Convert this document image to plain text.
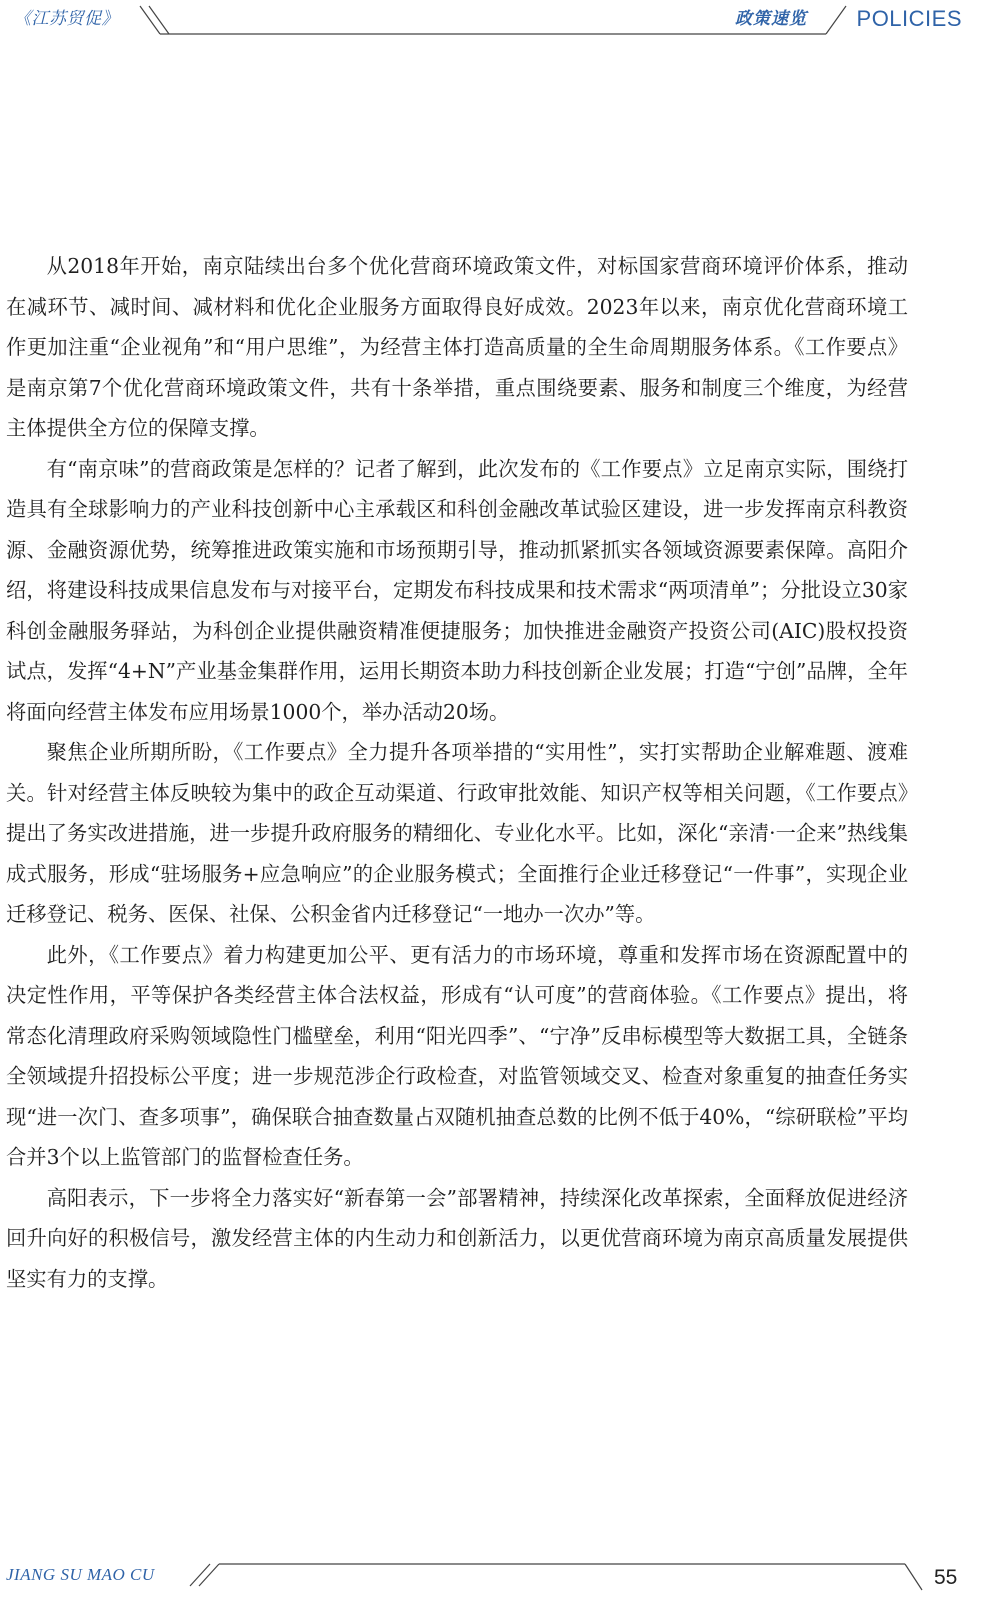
《江苏贸促》	政策速览 POLICIES

从2018年开始，南京陆续出台多个优化营商环境政策文件，对标国家营商环境评价体系，推动在减环节、减时间、减材料和优化企业服务方面取得良好成效。2023年以来，南京优化营商环境工作更加注重“企业视角”和“用户思维”，为经营主体打造高质量的全生命周期服务体系。《工作要点》是南京第7个优化营商环境政策文件，共有十条举措，重点围绕要素、服务和制度三个维度，为经营主体提供全方位的保障支撑。

有“南京味”的营商政策是怎样的？记者了解到，此次发布的《工作要点》立足南京实际，围绕打造具有全球影响力的产业科技创新中心主承载区和科创金融改革试验区建设，进一步发挥南京科教资源、金融资源优势，统筹推进政策实施和市场预期引导，推动抓紧抓实各领域资源要素保障。高阳介绍，将建设科技成果信息发布与对接平台，定期发布科技成果和技术需求“两项清单”；分批设立30家科创金融服务驿站，为科创企业提供融资精准便捷服务；加快推进金融资产投资公司(AIC)股权投资试点，发挥“4+N”产业基金集群作用，运用长期资本助力科技创新企业发展；打造“宁创”品牌，全年将面向经营主体发布应用场景1000个，举办活动20场。

聚焦企业所期所盼，《工作要点》全力提升各项举措的“实用性”，实打实帮助企业解难题、渡难关。针对经营主体反映较为集中的政企互动渠道、行政审批效能、知识产权等相关问题，《工作要点》提出了务实改进措施，进一步提升政府服务的精细化、专业化水平。比如，深化“亲清·一企来”热线集成式服务，形成“驻场服务+应急响应”的企业服务模式；全面推行企业迁移登记“一件事”，实现企业迁移登记、税务、医保、社保、公积金省内迁移登记“一地办一次办”等。

此外，《工作要点》着力构建更加公平、更有活力的市场环境，尊重和发挥市场在资源配置中的决定性作用，平等保护各类经营主体合法权益，形成有“认可度”的营商体验。《工作要点》提出，将常态化清理政府采购领域隐性门槛壁垒，利用“阳光四季”、“宁净”反串标模型等大数据工具，全链条全领域提升招投标公平度；进一步规范涉企行政检查，对监管领域交叉、检查对象重复的抽查任务实现“进一次门、查多项事”，确保联合抽查数量占双随机抽查总数的比例不低于40%，“综研联检”平均合并3个以上监管部门的监督检查任务。

高阳表示，下一步将全力落实好“新春第一会”部署精神，持续深化改革探索，全面释放促进经济回升向好的积极信号，激发经营主体的内生动力和创新活力，以更优营商环境为南京高质量发展提供坚实有力的支撑。

JIANG SU MAO CU	55
